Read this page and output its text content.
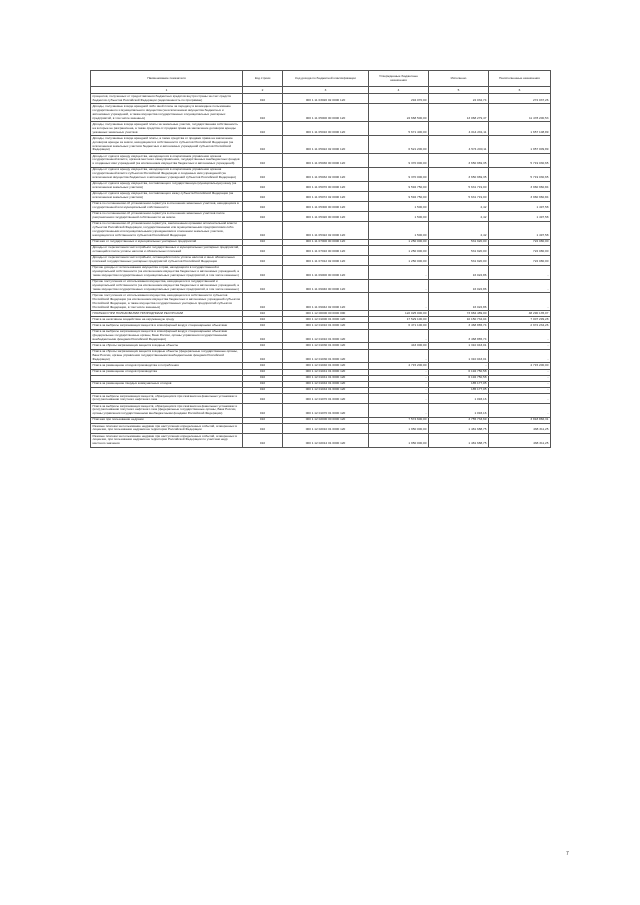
Наименование показателя	Код строки	Код дохода по бюджетной классификации	Утвержденные бюджетные назначения	Исполнено	Неисполненные назначения
1	2	3	4	5	6
процентов, полученных от предоставления бюджетных кредитов внутри страны за счет средств бюджетов субъектов Российской Федерации (задолженность по программе)	010	000 1 11 03020 02 0000 120	294 070,00	22 032,74	272 037,26
Доходы, получаемые в виде арендной либо иной платы за передачу в возмездное пользование государственного и муниципального имущества (за исключением имущества бюджетных и автономных учреждений, а также имущества государственных и муниципальных унитарных предприятий, в том числе казенных)	010	000 1 11 05000 00 0000 120	24 668 500,00	13 068 279,47	11 478 200,53
Доходы, получаемые в виде арендной платы за земельные участки, государственная собственность на которые не разграничена, а также средства от продажи права на заключение договоров аренды указанных земельных участков	010	000 1 11 05010 00 0000 120	5 671 400,00	4 014 291,11	1 657 108,89
Доходы, получаемые в виде арендной платы, а также средства от продажи права на заключение договоров аренды за земли, находящиеся в собственности субъектов Российской Федерации (за исключением земельных участков бюджетных и автономных учреждений субъектов Российской Федерации)	010	000 1 11 05022 02 0000 120	6 521 200,00	4 574 200,11	1 957 009,89
Доходы от сдачи в аренду имущества, находящегося в оперативном управлении органов государственной власти, органов местного самоуправления, государственных внебюджетных фондов и созданных ими учреждений (за исключением имущества бюджетных и автономных учреждений)	010	000 1 11 05030 00 0000 120	9 370 000,00	3 650 969,35	5 719 030,65
Доходы от сдачи в аренду имущества, находящегося в оперативном управлении органов государственной власти субъектов Российской Федерации и созданных ими учреждений (за исключением имущества бюджетных и автономных учреждений субъектов Российской Федерации)	010	000 1 11 05032 02 0000 120	9 370 000,00	3 650 969,35	5 719 030,65
Доходы от сдачи в аренду имущества, составляющего государственную (муниципальную) казну (за исключением земельных участков)	010	000 1 11 05070 00 0000 120	9 592 750,00	5 631 719,00	3 960 960,84
Доходы от сдачи в аренду имущества, составляющего казну субъекта Российской Федерации (за исключением земельных участков)	010	000 1 11 05072 02 0000 120	9 592 750,00	5 631 719,00	3 960 960,84
Плата по соглашениям об установлении сервитута в отношении земельных участков, находящихся в государственной или муниципальной собственности	010	000 1 11 05300 00 0000 120	1 500,00	2,42	1 497,58
Плата по соглашениям об установлении сервитута в отношении земельных участков после разграничения государственной собственности на землю	010	000 1 11 05320 00 0000 120	1 500,00	2,42	1 497,58
Плата по соглашениям об установлении сервитута, заключенным органами исполнительной власти субъектов Российской Федерации, государственными или муниципальными предприятиями либо государственными или муниципальными учреждениями в отношении земельных участков, находящихся в собственности субъектов Российской Федерации	010	000 1 11 05322 02 0000 120	1 500,00	2,42	1 497,58
Платежи от государственных и муниципальных унитарных предприятий	010	000 1 11 07000 00 0000 120	1 250 000,00	531 920,00	722 080,00
Доходы от перечисления части прибыли государственных и муниципальных унитарных предприятий, остающейся после уплаты налогов и обязательных платежей	010	000 1 11 07010 00 0000 120	1 250 000,00	531 920,00	722 080,00
Доходы от перечисления части прибыли, остающейся после уплаты налогов и иных обязательных платежей государственных унитарных предприятий субъектов Российской Федерации	010	000 1 11 07012 02 0000 120	1 250 000,00	531 920,00	722 080,00
Прочие доходы от использования имущества и прав, находящихся в государственной и муниципальной собственности (за исключением имущества бюджетных и автономных учреждений, а также имущества государственных и муниципальных унитарных предприятий, в том числе казенных)	010	000 1 11 09000 00 0000 120	-	16 022,86	-
Прочие поступления от использования имущества, находящегося в государственной и муниципальной собственности (за исключением имущества бюджетных и автономных учреждений, а также имущества государственных и муниципальных унитарных предприятий, в том числе казенных)	010	000 1 11 09040 00 0000 120	-	16 022,86	-
Прочие поступления от использования имущества, находящегося в собственности субъектов Российской Федерации (за исключением имущества бюджетных и автономных учреждений субъектов Российской Федерации, а также имущества государственных унитарных предприятий субъектов Российской Федерации, в том числе казенных)	010	000 1 11 09042 02 0000 120	-	16 022,86	-
ПЛАТЕЖИ ПРИ ПОЛЬЗОВАНИИ ПРИРОДНЫМИ РЕСУРСАМИ	010	000 1 12 00000 00 0000 000	122 025 000,00	73 984 489,00	48 290 135,07
Плата за негативное воздействие на окружающую среду	010	000 1 12 01000 01 0000 120	17 529 100,00	10 150 734,04	7 007 299,28
Плата за выбросы загрязняющих веществ в атмосферный воздух стационарными объектами	010	000 1 12 01010 01 0000 120	6 471 100,00	3 468 865,74	2 972 234,26
Плата за выбросы загрязняющих веществ в атмосферный воздух стационарными объектами (федеральные государственные органы, Банк России, органы управления государственными внебюджетными фондами Российской Федерации)	010	000 1 12 01010 01 6000 120	-	3 468 865,74	-
Плата за сбросы загрязняющих веществ в водные объекты	010	000 1 12 01030 01 0000 120	443 000,00	1 310 043,01	-
Плата за сбросы загрязняющих веществ в водные объекты (федеральные государственные органы, Банк России, органы управления государственными внебюджетными фондами Российской Федерации)	010	000 1 12 01030 01 6000 120	-	1 310 043,01	-
Плата за размещение отходов производства и потребления	010	000 1 12 01040 01 0000 120	4 715 200,00	-	4 715 200,00
Плата за размещение отходов производства	010	000 1 12 01041 01 0000 120	-	6 192 750,58	-
	010	000 1 12 01041 01 6000 120	-	6 192 750,58	-
Плата за размещение твердых коммунальных отходов	010	000 1 12 01042 01 0000 120	-	185 177,05	-
	010	000 1 12 01042 01 6000 120	-	185 177,05	-
Плата за выбросы загрязняющих веществ, образующихся при сжигании на факельных установках и (или) рассеивании попутного нефтяного газа	010	000 1 12 01070 01 0000 120	-	1 093,16	-
Плата за выбросы загрязняющих веществ, образующихся при сжигании на факельных установках и (или) рассеивании попутного нефтяного газа (федеральные государственные органы, Банк России, органы управления государственными внебюджетными фондами Российской Федерации)	010	000 1 12 01070 01 6000 120	-	1 093,16	-
Платежи при пользовании недрами	010	000 1 12 02000 00 0000 120	7 574 600,00	3 755 733,69	3 818 866,31
Разовые платежи за пользование недрами при наступлении определенных событий, оговоренных в лицензии, при пользовании недрами на территории Российской Федерации	010	000 1 12 02010 01 0000 120	1 950 000,00	1 481 688,75	468 311,25
Разовые платежи за пользование недрами при наступлении определенных событий, оговоренных в лицензии, при пользовании недрами на территории Российской Федерации по участкам недр местного значения	010	000 1 12 02012 01 0000 120	1 950 000,00	1 481 688,75	468 311,25
7
